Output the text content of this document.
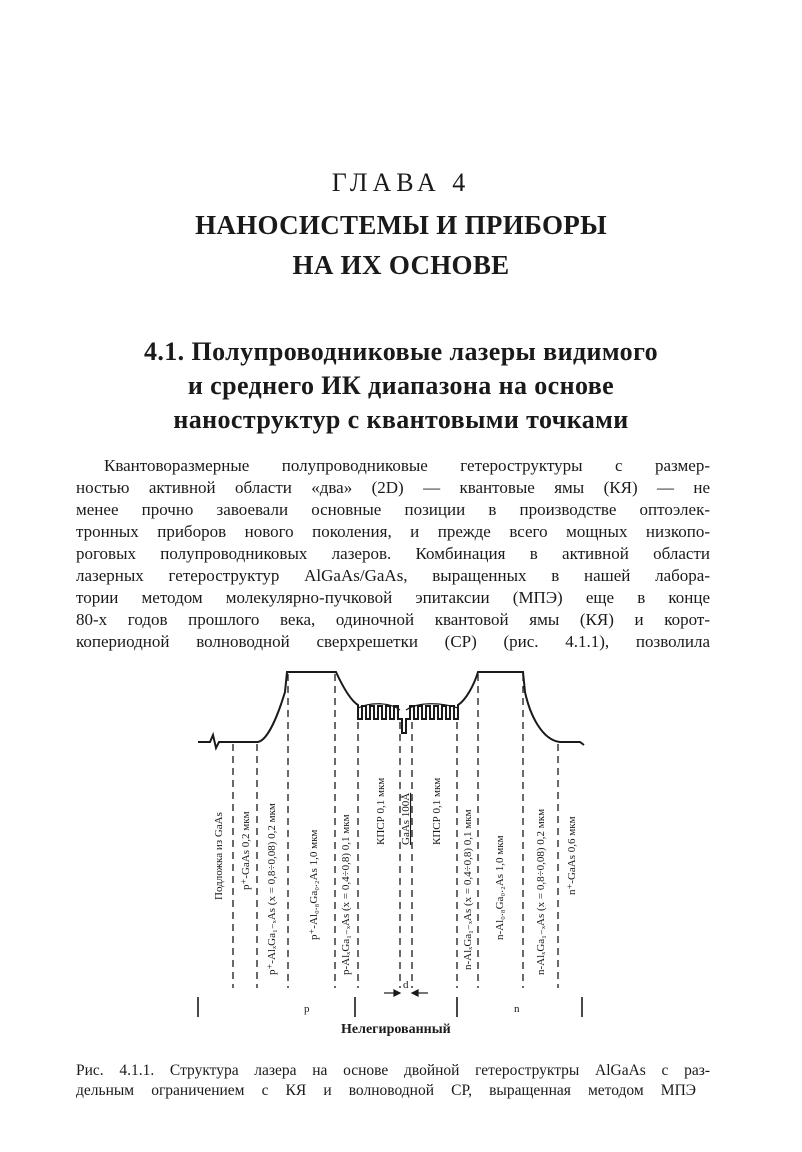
ГЛАВА 4
НАНОСИСТЕМЫ И ПРИБОРЫ
НА ИХ ОСНОВЕ
4.1. Полупроводниковые лазеры видимого
и среднего ИК диапазона на основе
наноструктур с квантовыми точками
Квантоворазмерные полупроводниковые гетероструктуры с размер-
ностью активной области «два» (2D) — квантовые ямы (КЯ) — не
менее прочно завоевали основные позиции в производстве оптоэлек-
тронных приборов нового поколения, и прежде всего мощных низкопо-
роговых полупроводниковых лазеров. Комбинация в активной области
лазерных гетероструктур AlGaAs/GaAs, выращенных в нашей лабора-
тории методом молекулярно-пучковой эпитаксии (МПЭ) еще в конце
80-х годов прошлого века, одиночной квантовой ямы (КЯ) и корот-
копериодной волноводной сверхрешетки (СР) (рис. 4.1.1), позволила
Подложка из GaAs p⁺-GaAs 0,2 мкм p⁺-AlₓGa₁₋ₓAs (x = 0,8÷0,08) 0,2 мкм	p⁺-Al₀.₈Ga₀.₂As 1,0 мкм p-AlₓGa₁₋ₓAs (x = 0,4÷0,8) 0,1 мкм
КПСР 0,1 мкм GaAs 100Å КПСР 0,1 мкм n-AlₓGa₁₋ₓAs (x = 0,4÷0,8) 0,1 мкм n-Al₀.₈Ga₀.₂As 1,0 мкм	n-AlₓGa₁₋ₓAs (x = 0,8÷0,08) 0,2 мкм n⁺-GaAs 0,6 мкм
d
p	n
Нелегированный
Рис. 4.1.1. Структура лазера на основе двойной гетероструктры AlGaAs с раз-
дельным ограничением с КЯ и волноводной СР, выращенная методом МПЭ
